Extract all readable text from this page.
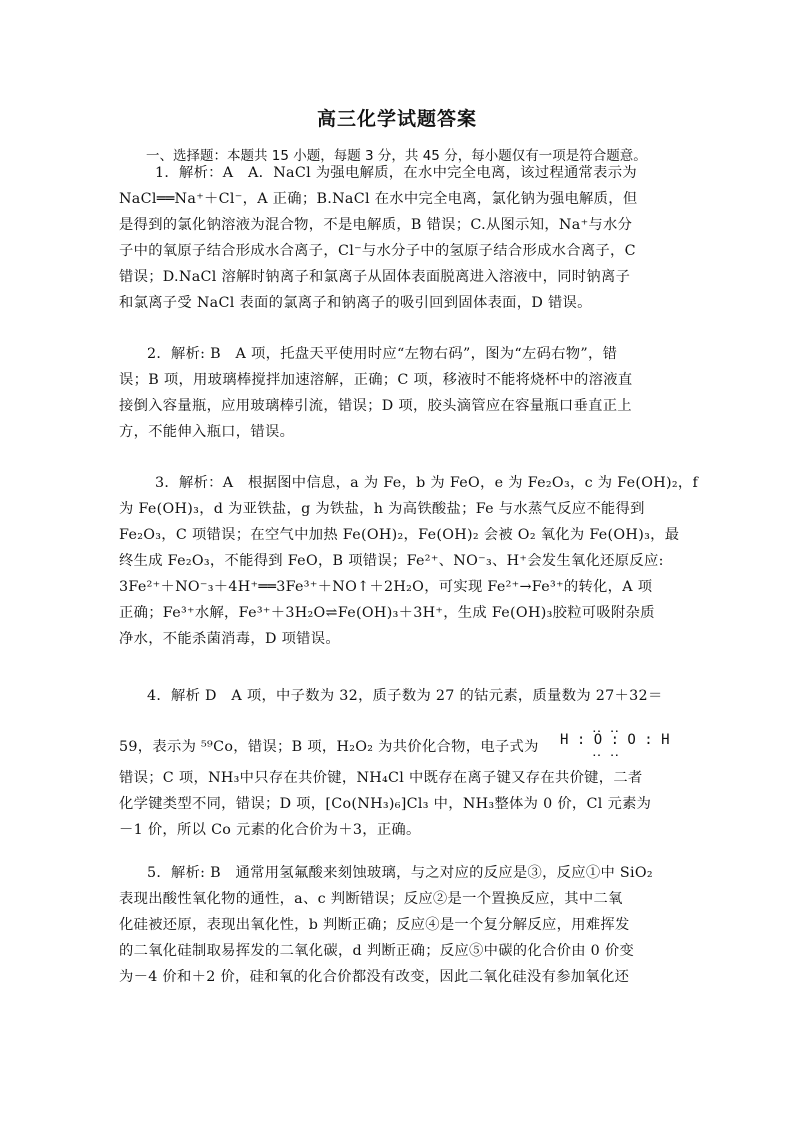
高三化学试题答案
一、选择题：本题共 15 小题，每题 3 分，共 45 分，每小题仅有一项是符合题意。
1．解析：A　A．NaCl 为强电解质，在水中完全电离，该过程通常表示为
NaCl══Na⁺＋Cl⁻，A 正确；B.NaCl 在水中完全电离，氯化钠为强电解质，但
是得到的氯化钠溶液为混合物，不是电解质，B 错误；C.从图示知，Na⁺与水分
子中的氧原子结合形成水合离子，Cl⁻与水分子中的氢原子结合形成水合离子，C
错误；D.NaCl 溶解时钠离子和氯离子从固体表面脱离进入溶液中，同时钠离子
和氯离子受 NaCl 表面的氯离子和钠离子的吸引回到固体表面，D 错误。
2．解析: B　A 项，托盘天平使用时应“左物右码”，图为“左码右物”，错
误；B 项，用玻璃棒搅拌加速溶解，正确；C 项，移液时不能将烧杯中的溶液直
接倒入容量瓶，应用玻璃棒引流，错误；D 项，胶头滴管应在容量瓶口垂直正上
方，不能伸入瓶口，错误。
3．解析：A　根据图中信息，a 为 Fe，b 为 FeO，e 为 Fe₂O₃，c 为 Fe(OH)₂，f
为 Fe(OH)₃，d 为亚铁盐，g 为铁盐，h 为高铁酸盐；Fe 与水蒸气反应不能得到
Fe₂O₃，C 项错误；在空气中加热 Fe(OH)₂，Fe(OH)₂ 会被 O₂ 氧化为 Fe(OH)₃，最
终生成 Fe₂O₃，不能得到 FeO，B 项错误；Fe²⁺、NO⁻₃、H⁺会发生氧化还原反应:
3Fe²⁺＋NO⁻₃＋4H⁺══3Fe³⁺＋NO↑＋2H₂O，可实现 Fe²⁺→Fe³⁺的转化，A 项
正确；Fe³⁺水解，Fe³⁺＋3H₂O⇌Fe(OH)₃＋3H⁺，生成 Fe(OH)₃胶粒可吸附杂质
净水，不能杀菌消毒，D 项错误。
4．解析 D　A 项，中子数为 32，质子数为 27 的钴元素，质量数为 27＋32＝
59，表示为 ⁵⁹Co，错误；B 项，H₂O₂ 为共价化合物，电子式为
错误；C 项，NH₃中只存在共价键，NH₄Cl 中既存在离子键又存在共价键，二者
化学键类型不同，错误；D 项，[Co(NH₃)₆]Cl₃ 中，NH₃整体为 0 价，Cl 元素为
－1 价，所以 Co 元素的化合价为＋3，正确。
5．解析: B　通常用氢氟酸来刻蚀玻璃，与之对应的反应是③，反应①中 SiO₂
表现出酸性氧化物的通性，a、c 判断错误；反应②是一个置换反应，其中二氧
化硅被还原，表现出氧化性，b 判断正确；反应④是一个复分解反应，用难挥发
的二氧化硅制取易挥发的二氧化碳，d 判断正确；反应⑤中碳的化合价由 0 价变
为－4 价和＋2 价，硅和氧的化合价都没有改变，因此二氧化硅没有参加氧化还
‥ ‥
H : O : O : H
‥ ‥
